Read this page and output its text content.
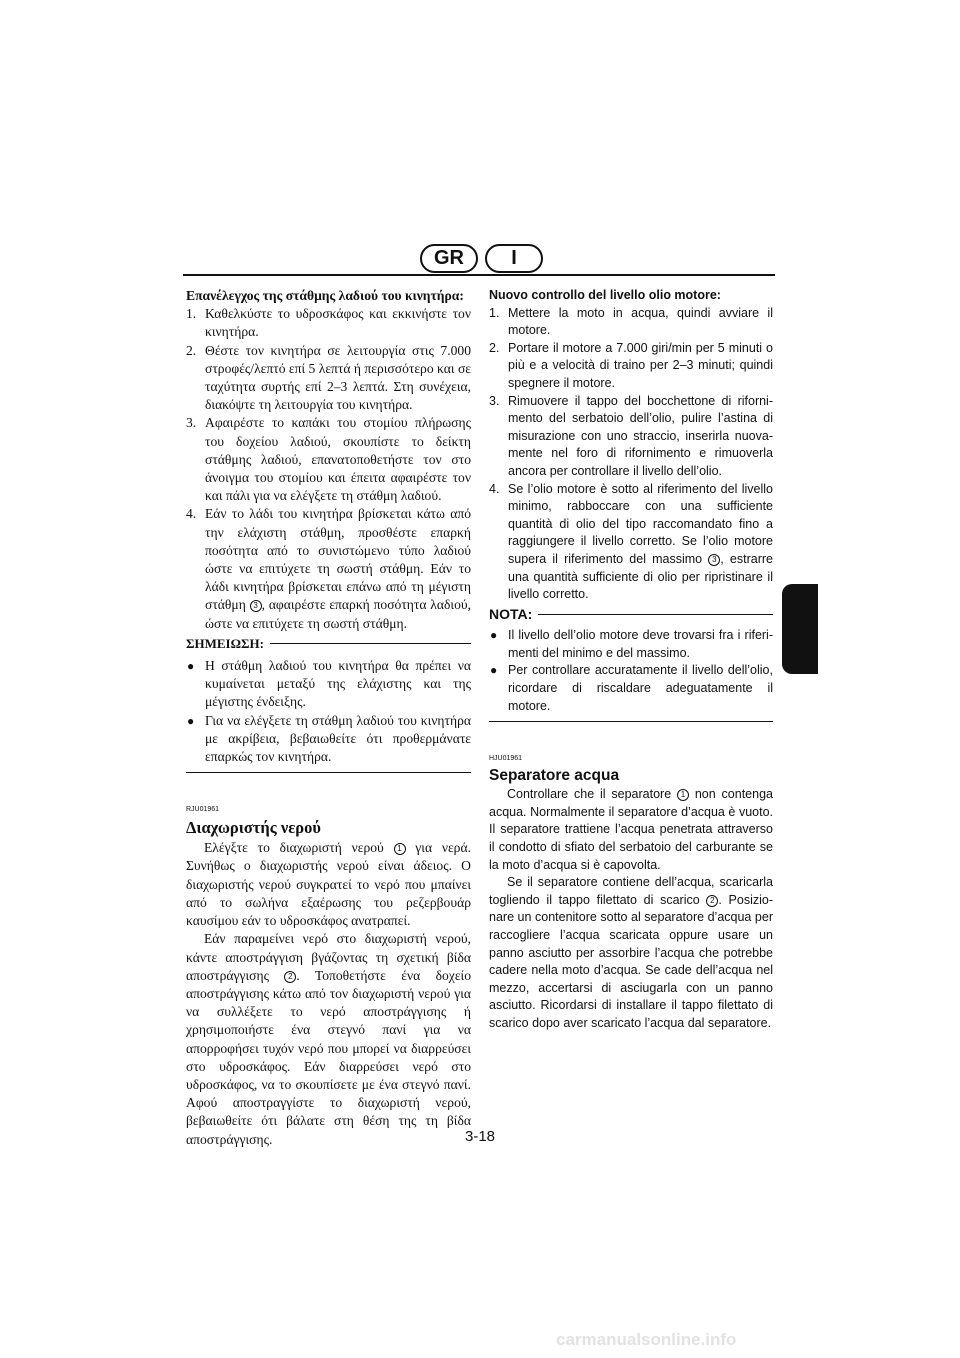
GR	I

Επανέλεγχος της στάθμης λαδιού του κινητήρα:

1. Καθελκύστε το υδροσκάφος και εκκινήστε τον κινητήρα.
2. Θέστε τον κινητήρα σε λειτουργία στις 7.000 στροφές/λεπτό επί 5 λεπτά ή περισσότερο και σε ταχύτητα συρτής επί 2–3 λεπτά. Στη συνέχεια, διακόψτε τη λειτουργία του κινητήρα.
3. Αφαιρέστε το καπάκι του στομίου πλήρωσης του δοχείου λαδιού, σκουπίστε το δείκτη στάθμης λαδιού, επανατοποθετήστε τον στο άνοιγμα του στομίου και έπειτα αφαιρέστε τον και πάλι για να ελέγξετε τη στάθμη λαδιού.
4. Εάν το λάδι του κινητήρα βρίσκεται κάτω από την ελάχιστη στάθμη, προσθέστε επαρκή ποσότητα από το συνιστώμενο τύπο λαδιού ώστε να επιτύχετε τη σωστή στάθμη. Εάν το λάδι κινητήρα βρίσκεται επάνω από τη μέγιστη στάθμη 3 , αφαιρέστε επαρκή ποσότητα λαδιού, ώστε να επιτύχετε τη σωστή στάθμη.
ΣΗΜΕΙΩΣΗ:
● Η στάθμη λαδιού του κινητήρα θα πρέπει να κυμαίνεται μεταξύ της ελάχιστης και της μέγιστης ένδειξης.
● Για να ελέγξετε τη στάθμη λαδιού του κινητήρα με ακρίβεια, βεβαιωθείτε ότι προθερμάνατε επαρκώς τον κινητήρα.
RJU01961
Διαχωριστής νερού

Ελέγξτε το διαχωριστή νερού 1 για νερά. Συνήθως ο διαχωριστής νερού είναι άδειος. Ο διαχωριστής νερού συγκρατεί το νερό που μπαίνει από το σωλήνα εξαέρωσης του ρεζερβουάρ καυσίμου εάν το υδροσκάφος ανατραπεί.

Εάν παραμείνει νερό στο διαχωριστή νερού, κάντε αποστράγγιση βγάζοντας τη σχετική βίδα αποστράγγισης 2 . Τοποθετήστε ένα δοχείο αποστράγγισης κάτω από τον διαχωριστή νερού για να συλλέξετε το νερό αποστράγγισης ή χρησιμοποιήστε ένα στεγνό πανί για να απορροφήσει τυχόν νερό που μπορεί να διαρρεύσει στο υδροσκάφος. Εάν διαρρεύσει νερό στο υδροσκάφος, να το σκουπίσετε με ένα στεγνό πανί. Αφού αποστραγγίστε το διαχωριστή νερού, βεβαιωθείτε ότι βάλατε στη θέση της τη βίδα αποστράγγισης.

Nuovo controllo del livello olio motore:

1. Mettere la moto in acqua, quindi avviare il motore.
2. Portare il motore a 7.000 giri/min per 5 minuti o più e a velocità di traino per 2–3 minuti; quindi spegnere il motore.
3. Rimuovere il tappo del bocchettone di riforni-mento del serbatoio dell’olio, pulire l’astina di misurazione con uno straccio, inserirla nuova-mente nel foro di rifornimento e rimuoverla ancora per controllare il livello dell’olio.
4. Se l’olio motore è sotto al riferimento del livello minimo, rabboccare con una sufficiente quantità di olio del tipo raccomandato fino a raggiungere il livello corretto. Se l’olio motore supera il riferimento del massimo 3 , estrarre una quantità sufficiente di olio per ripristinare il livello corretto.
NOTA:
● Il livello dell’olio motore deve trovarsi fra i riferi-menti del minimo e del massimo.
● Per controllare accuratamente il livello dell’olio, ricordare di riscaldare adeguatamente il motore.
HJU01961
Separatore acqua

Controllare che il separatore 1 non contenga acqua. Normalmente il separatore d’acqua è vuoto. Il separatore trattiene l’acqua penetrata attraverso il condotto di sfiato del serbatoio del carburante se la moto d’acqua si è capovolta.

Se il separatore contiene dell’acqua, scaricarla togliendo il tappo filettato di scarico 2 . Posizio-nare un contenitore sotto al separatore d’acqua per raccogliere l’acqua scaricata oppure usare un panno asciutto per assorbire l’acqua che potrebbe cadere nella moto d’acqua. Se cade dell’acqua nel mezzo, accertarsi di asciugarla con un panno asciutto. Ricordarsi di installare il tappo filettato di scarico dopo aver scaricato l’acqua dal separatore.

3-18
carmanualsonline.info
